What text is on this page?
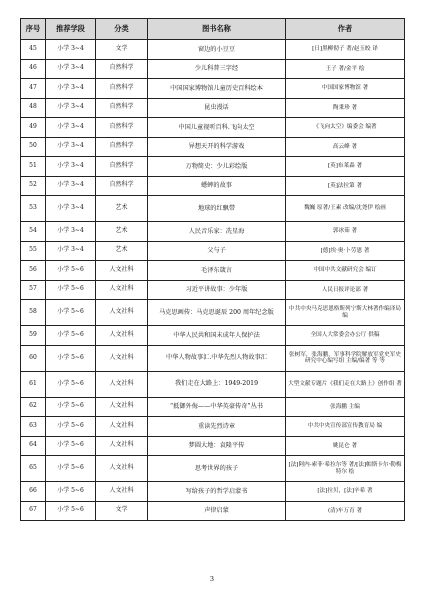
序号	推荐学段	分类	图书名称	作者
45	小学 3~4	文学	窗边的小豆豆	[日]黑柳彻子 著/赵玉皎 译
46	小学 3~4	自然科学	少儿科普三字经	王子 著/金平 绘
47	小学 3~4	自然科学	中国国家博物馆儿童历史百科绘本	中国国家博物馆 著
48	小学 3~4	自然科学	昆虫漫话	陶秉珍 著
49	小学 3~4	自然科学	中国儿童视听百科.飞向太空	《飞向太空》编委会 编著
50	小学 3~4	自然科学	异想天开的科学游戏	高云峰 著
51	小学 3~4	自然科学	万物简史：少儿彩绘版	[英]布莱森 著
52	小学 3~4	自然科学	蟋蟀的故事	[英]法拉第 著
53	小学 3~4	艺术	地球的红飘带	魏巍 原著/王素 改编/沈尧伊 绘画
54	小学 3~4	艺术	人民音乐家：冼星海	郭冰茹 著
55	小学 3~4	艺术	父与子	[德]埃·奥·卜劳恩 著
56	小学 5~6	人文社科	毛泽东箴言	中国中共文献研究会 编订
57	小学 5~6	人文社科	习近平讲故事：少年版	人民日报评论部 著
58	小学 5~6	人文社科	马克思画传：马克思诞辰 200 周年纪念版	中共中央马克思恩格斯列宁斯大林著作编译局 编
59	小学 5~6	人文社科	中华人民共和国未成年人保护法	全国人大常委会办公厅 供稿
60	小学 5~6	人文社科	中华人物故事汇.中华先烈人物故事汇	张树军，张海鹏，军事科学院解放军党史军史研究中心编写组 主编/编著 等 等
61	小学 5~6	人文社科	我们走在大路上：1949-2019	大型文献专题片《我们走在大路上》创作组 著
62	小学 5~6	人文社科	“抵御外侮——中华英豪传奇”丛书	张海鹏 主编
63	小学 5~6	人文社科	重读先烈诗章	中共中央宣传部宣传教育局 编
64	小学 5~6	人文社科	梦圆大地：袁隆平传	姚昆仑 著
65	小学 5~6	人文社科	思考世界的孩子	[法]阿内-索菲·希拉尔等 著/[法]帕斯卡尔·勒梅特尔 绘
66	小学 5~6	人文社科	写给孩子的哲学启蒙书	[法]拉贝，[法]辛希 著
67	小学 5~6	文学	声律启蒙	(清)车万育 著
3
